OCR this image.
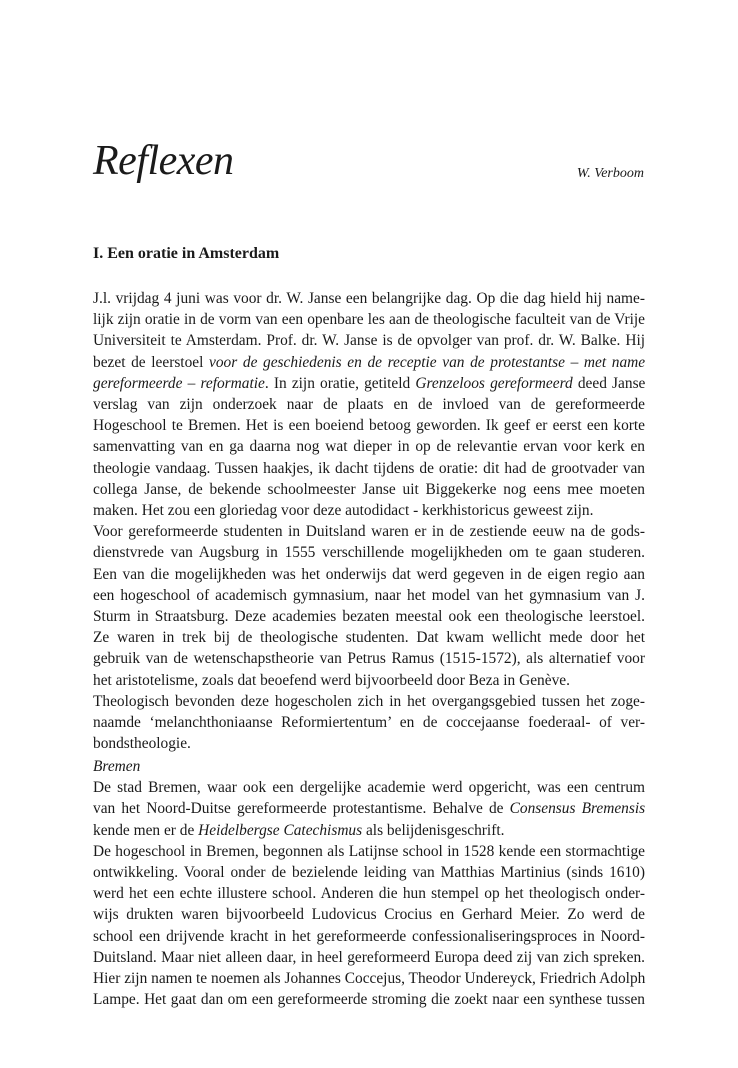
Reflexen	W. Verboom
I. Een oratie in Amsterdam
J.l. vrijdag 4 juni was voor dr. W. Janse een belangrijke dag. Op die dag hield hij name-
lijk zijn oratie in de vorm van een openbare les aan de theologische faculteit van de Vrije
Universiteit te Amsterdam. Prof. dr. W. Janse is de opvolger van prof. dr. W. Balke. Hij
bezet de leerstoel voor de geschiedenis en de receptie van de protestantse – met name
gereformeerde – reformatie. In zijn oratie, getiteld Grenzeloos gereformeerd deed Janse
verslag van zijn onderzoek naar de plaats en de invloed van de gereformeerde
Hogeschool te Bremen. Het is een boeiend betoog geworden. Ik geef er eerst een korte
samenvatting van en ga daarna nog wat dieper in op de relevantie ervan voor kerk en
theologie vandaag. Tussen haakjes, ik dacht tijdens de oratie: dit had de grootvader van
collega Janse, de bekende schoolmeester Janse uit Biggekerke nog eens mee moeten
maken. Het zou een gloriedag voor deze autodidact - kerkhistoricus geweest zijn.
Voor gereformeerde studenten in Duitsland waren er in de zestiende eeuw na de gods-
dienstvrede van Augsburg in 1555 verschillende mogelijkheden om te gaan studeren.
Een van die mogelijkheden was het onderwijs dat werd gegeven in de eigen regio aan
een hogeschool of academisch gymnasium, naar het model van het gymnasium van J.
Sturm in Straatsburg. Deze academies bezaten meestal ook een theologische leerstoel.
Ze waren in trek bij de theologische studenten. Dat kwam wellicht mede door het
gebruik van de wetenschapstheorie van Petrus Ramus (1515-1572), als alternatief voor
het aristotelisme, zoals dat beoefend werd bijvoorbeeld door Beza in Genève.
Theologisch bevonden deze hogescholen zich in het overgangsgebied tussen het zoge-
naamde ‘melanchthoniaanse Reformiertentum’ en de coccejaanse foederaal- of ver-
bondstheologie.
Bremen
De stad Bremen, waar ook een dergelijke academie werd opgericht, was een centrum
van het Noord-Duitse gereformeerde protestantisme. Behalve de Consensus Bremensis
kende men er de Heidelbergse Catechismus als belijdenisgeschrift.
De hogeschool in Bremen, begonnen als Latijnse school in 1528 kende een stormachtige
ontwikkeling. Vooral onder de bezielende leiding van Matthias Martinius (sinds 1610)
werd het een echte illustere school. Anderen die hun stempel op het theologisch onder-
wijs drukten waren bijvoorbeeld Ludovicus Crocius en Gerhard Meier. Zo werd de
school een drijvende kracht in het gereformeerde confessionaliseringsproces in Noord-
Duitsland. Maar niet alleen daar, in heel gereformeerd Europa deed zij van zich spreken.
Hier zijn namen te noemen als Johannes Coccejus, Theodor Undereyck, Friedrich Adolph
Lampe. Het gaat dan om een gereformeerde stroming die zoekt naar een synthese tussen
